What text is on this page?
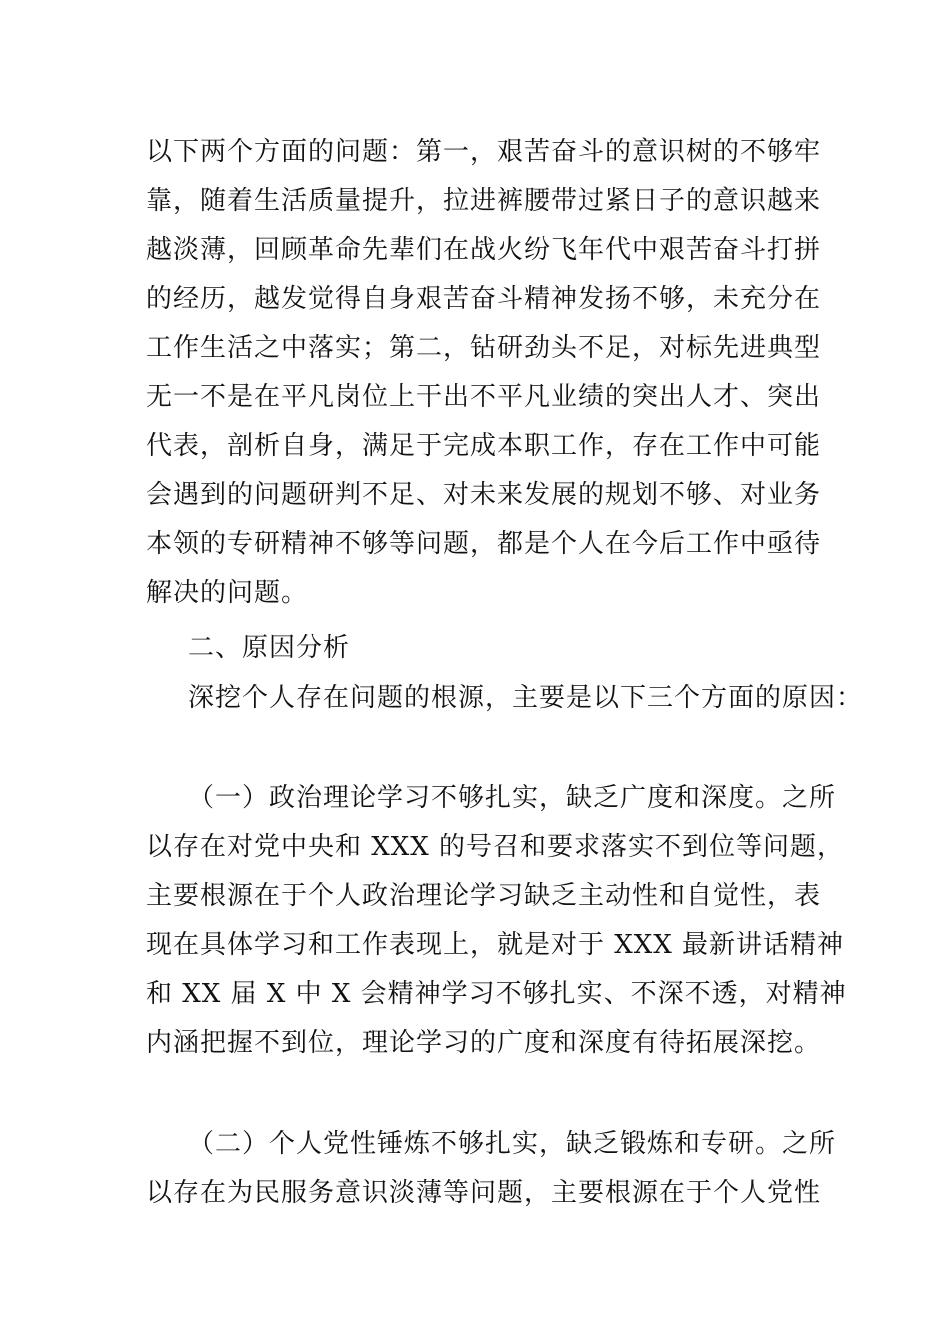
以下两个方面的问题：第一，艰苦奋斗的意识树的不够牢
靠，随着生活质量提升，拉进裤腰带过紧日子的意识越来
越淡薄，回顾革命先辈们在战火纷飞年代中艰苦奋斗打拼
的经历，越发觉得自身艰苦奋斗精神发扬不够，未充分在
工作生活之中落实；第二，钻研劲头不足，对标先进典型
无一不是在平凡岗位上干出不平凡业绩的突出人才、突出
代表，剖析自身，满足于完成本职工作，存在工作中可能
会遇到的问题研判不足、对未来发展的规划不够、对业务
本领的专研精神不够等问题，都是个人在今后工作中亟待
解决的问题。
二、原因分析
深挖个人存在问题的根源，主要是以下三个方面的原因：
（一）政治理论学习不够扎实，缺乏广度和深度。之所
以存在对党中央和 XXX 的号召和要求落实不到位等问题，
主要根源在于个人政治理论学习缺乏主动性和自觉性，表
现在具体学习和工作表现上，就是对于 XXX 最新讲话精神
和 XX 届 X 中 X 会精神学习不够扎实、不深不透，对精神
内涵把握不到位，理论学习的广度和深度有待拓展深挖。
（二）个人党性锤炼不够扎实，缺乏锻炼和专研。之所
以存在为民服务意识淡薄等问题，主要根源在于个人党性
